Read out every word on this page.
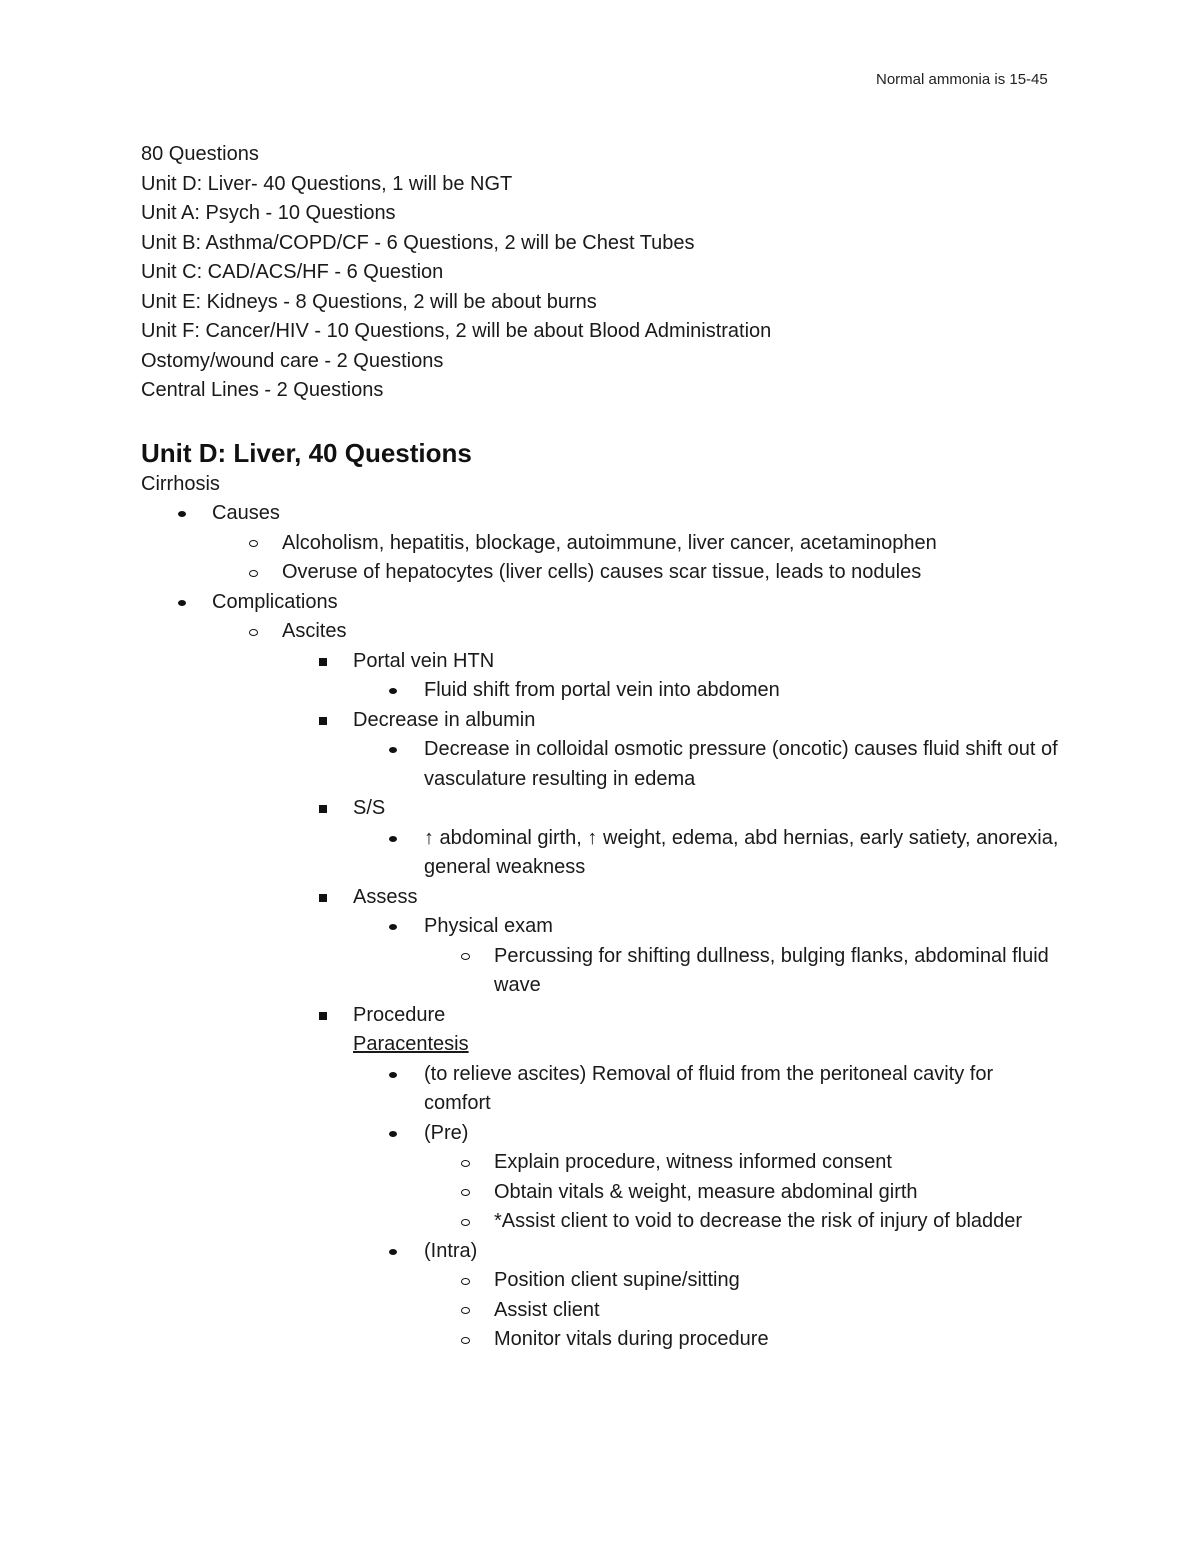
Normal ammonia is 15-45
80 Questions
Unit D: Liver- 40 Questions, 1 will be NGT
Unit A: Psych - 10 Questions
Unit B: Asthma/COPD/CF - 6 Questions, 2 will be Chest Tubes
Unit C: CAD/ACS/HF - 6 Question
Unit E: Kidneys - 8 Questions, 2 will be about burns
Unit F: Cancer/HIV - 10 Questions, 2 will be about Blood Administration
Ostomy/wound care - 2 Questions
Central Lines - 2 Questions
Unit D: Liver, 40 Questions
Cirrhosis
Causes
Alcoholism, hepatitis, blockage, autoimmune, liver cancer, acetaminophen
Overuse of hepatocytes (liver cells) causes scar tissue, leads to nodules
Complications
Ascites
Portal vein HTN
Fluid shift from portal vein into abdomen
Decrease in albumin
Decrease in colloidal osmotic pressure (oncotic) causes fluid shift out of vasculature resulting in edema
S/S
↑ abdominal girth, ↑ weight, edema, abd hernias, early satiety, anorexia, general weakness
Assess
Physical exam
Percussing for shifting dullness, bulging flanks, abdominal fluid wave
Procedure
Paracentesis
(to relieve ascites) Removal of fluid from the peritoneal cavity for comfort
(Pre)
Explain procedure, witness informed consent
Obtain vitals & weight, measure abdominal girth
*Assist client to void to decrease the risk of injury of bladder
(Intra)
Position client supine/sitting
Assist client
Monitor vitals during procedure
